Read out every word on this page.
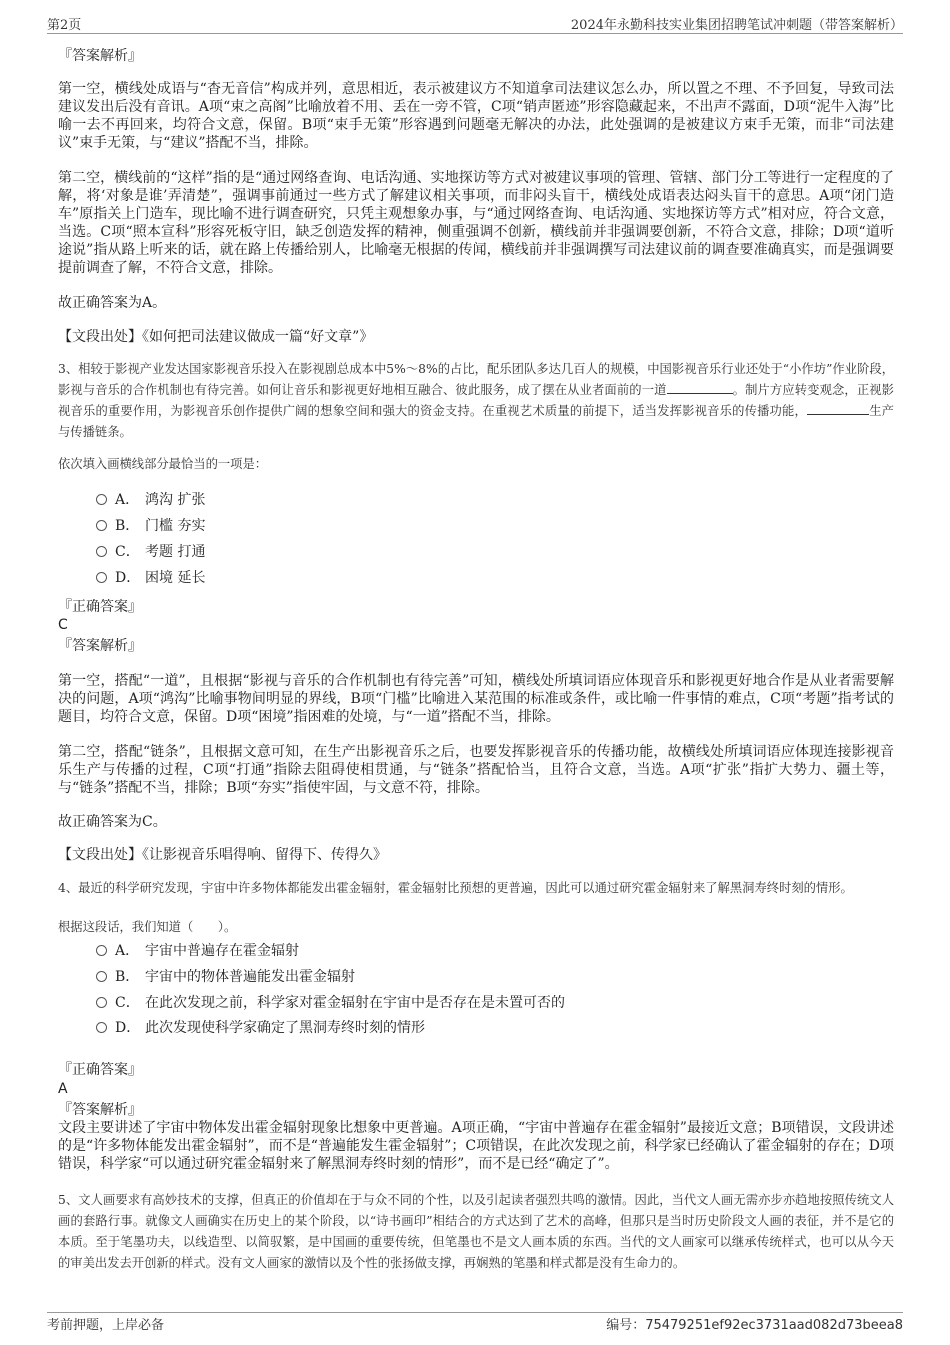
第2页	2024年永勤科技实业集团招聘笔试冲刺题（带答案解析）
『答案解析』

第一空，横线处成语与“杳无音信”构成并列，意思相近，表示被建议方不知道拿司法建议怎么办，所以置之不理、不予回复，导致司法建议发出后没有音讯。A项“束之高阁”比喻放着不用、丢在一旁不管，C项“销声匿迹”形容隐藏起来，不出声不露面，D项“泥牛入海”比喻一去不再回来，均符合文意，保留。B项“束手无策”形容遇到问题毫无解决的办法，此处强调的是被建议方束手无策，而非“司法建议”束手无策，与“建议”搭配不当，排除。

第二空，横线前的“这样”指的是“通过网络查询、电话沟通、实地探访等方式对被建议事项的管理、管辖、部门分工等进行一定程度的了解，将‘对象是谁’弄清楚”，强调事前通过一些方式了解建议相关事项，而非闷头盲干，横线处成语表达闷头盲干的意思。A项“闭门造车”原指关上门造车，现比喻不进行调查研究，只凭主观想象办事，与“通过网络查询、电话沟通、实地探访等方式”相对应，符合文意，当选。C项“照本宣科”形容死板守旧，缺乏创造发挥的精神，侧重强调不创新，横线前并非强调要创新，不符合文意，排除；D项“道听途说”指从路上听来的话，就在路上传播给别人，比喻毫无根据的传闻，横线前并非强调撰写司法建议前的调查要准确真实，而是强调要提前调查了解，不符合文意，排除。

故正确答案为A。
【文段出处】《如何把司法建议做成一篇“好文章”》

3、相较于影视产业发达国家影视音乐投入在影视剧总成本中5%～8%的占比，配乐团队多达几百人的规模，中国影视音乐行业还处于“小作坊”作业阶段，影视与音乐的合作机制也有待完善。如何让音乐和影视更好地相互融合、彼此服务，成了摆在从业者面前的一道	。制片方应转变观念，正视影视音乐的重要作用，为影视音乐创作提供广阔的想象空间和强大的资金支持。在重视艺术质量的前提下，适当发挥影视音乐的传播功能，	生产与传播链条。

依次填入画横线部分最恰当的一项是：
A． 鸿沟 扩张
B． 门槛 夯实
C． 考题 打通
D． 困境 延长
『正确答案』
C
『答案解析』

第一空，搭配“一道”，且根据“影视与音乐的合作机制也有待完善”可知，横线处所填词语应体现音乐和影视更好地合作是从业者需要解决的问题，A项“鸿沟”比喻事物间明显的界线，B项“门槛”比喻进入某范围的标准或条件，或比喻一件事情的难点，C项“考题”指考试的题目，均符合文意，保留。D项“困境”指困难的处境，与“一道”搭配不当，排除。

第二空，搭配“链条”，且根据文意可知，在生产出影视音乐之后，也要发挥影视音乐的传播功能，故横线处所填词语应体现连接影视音乐生产与传播的过程，C项“打通”指除去阻碍使相贯通，与“链条”搭配恰当，且符合文意，当选。A项“扩张”指扩大势力、疆土等，与“链条”搭配不当，排除；B项“夯实”指使牢固，与文意不符，排除。

故正确答案为C。
【文段出处】《让影视音乐唱得响、留得下、传得久》

4、最近的科学研究发现，宇宙中许多物体都能发出霍金辐射，霍金辐射比预想的更普遍，因此可以通过研究霍金辐射来了解黑洞寿终时刻的情形。

根据这段话，我们知道（　　）。
A． 宇宙中普遍存在霍金辐射
B． 宇宙中的物体普遍能发出霍金辐射
C． 在此次发现之前，科学家对霍金辐射在宇宙中是否存在是未置可否的
D． 此次发现使科学家确定了黑洞寿终时刻的情形
『正确答案』
A
『答案解析』

文段主要讲述了宇宙中物体发出霍金辐射现象比想象中更普遍。A项正确，“宇宙中普遍存在霍金辐射”最接近文意；B项错误，文段讲述的是“许多物体能发出霍金辐射”，而不是“普遍能发生霍金辐射”；C项错误，在此次发现之前，科学家已经确认了霍金辐射的存在；D项错误，科学家“可以通过研究霍金辐射来了解黑洞寿终时刻的情形”，而不是已经“确定了”。

5、文人画要求有高妙技术的支撑，但真正的价值却在于与众不同的个性，以及引起读者强烈共鸣的激情。因此，当代文人画无需亦步亦趋地按照传统文人画的套路行事。就像文人画确实在历史上的某个阶段，以“诗书画印”相结合的方式达到了艺术的高峰，但那只是当时历史阶段文人画的表征，并不是它的本质。至于笔墨功夫，以线造型、以简驭繁，是中国画的重要传统，但笔墨也不是文人画本质的东西。当代的文人画家可以继承传统样式，也可以从今天的审美出发去开创新的样式。没有文人画家的激情以及个性的张扬做支撑，再娴熟的笔墨和样式都是没有生命力的。

考前押题，上岸必备	编号：75479251ef92ec3731aad082d73beea8
